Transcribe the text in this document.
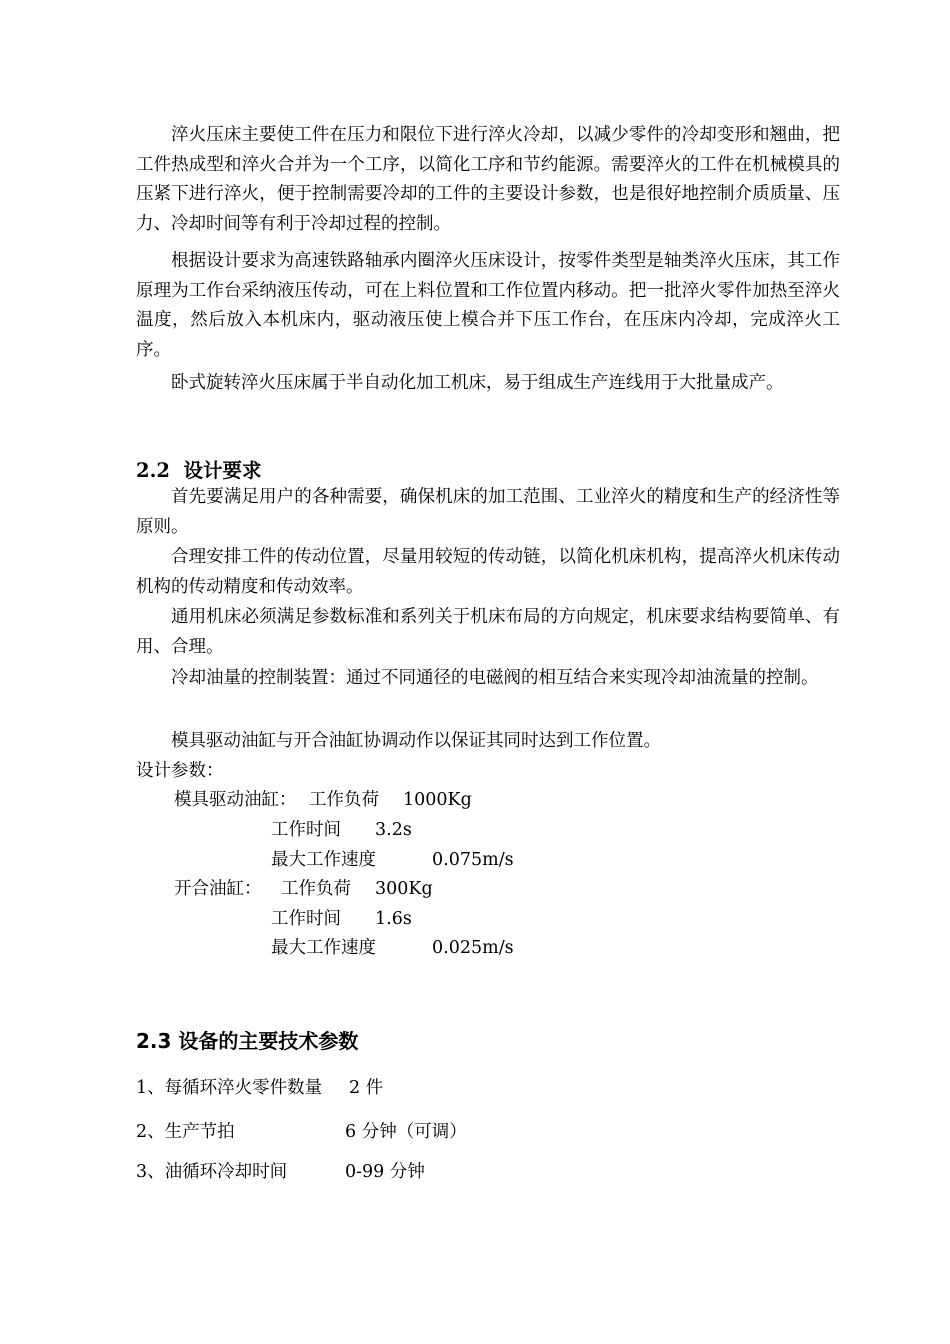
淬火压床主要使工件在压力和限位下进行淬火冷却，以减少零件的冷却变形和翘曲，把工件热成型和淬火合并为一个工序，以简化工序和节约能源。需要淬火的工件在机械模具的压紧下进行淬火，便于控制需要冷却的工件的主要设计参数，也是很好地控制介质质量、压力、冷却时间等有利于冷却过程的控制。

根据设计要求为高速铁路轴承内圈淬火压床设计，按零件类型是轴类淬火压床，其工作原理为工作台采纳液压传动，可在上料位置和工作位置内移动。把一批淬火零件加热至淬火温度，然后放入本机床内，驱动液压使上模合并下压工作台，在压床内冷却，完成淬火工序。

卧式旋转淬火压床属于半自动化加工机床，易于组成生产连线用于大批量成产。

2.2  设计要求

首先要满足用户的各种需要，确保机床的加工范围、工业淬火的精度和生产的经济性等原则。

合理安排工件的传动位置，尽量用较短的传动链，以简化机床机构，提高淬火机床传动机构的传动精度和传动效率。

通用机床必须满足参数标准和系列关于机床布局的方向规定，机床要求结构要简单、有用、合理。

冷却油量的控制装置：通过不同通径的电磁阀的相互结合来实现冷却油流量的控制。

模具驱动油缸与开合油缸协调动作以保证其同时达到工作位置。

设计参数：

模具驱动油缸： 工作负荷 1000Kg

工作时间 3.2s

最大工作速度	0.075m/s

开合油缸： 工作负荷 300Kg

工作时间 1.6s

最大工作速度	0.025m/s

2.3 设备的主要技术参数

1、每循环淬火零件数量 2 件

2、生产节拍	6 分钟（可调）

3、油循环冷却时间	0-99 分钟
